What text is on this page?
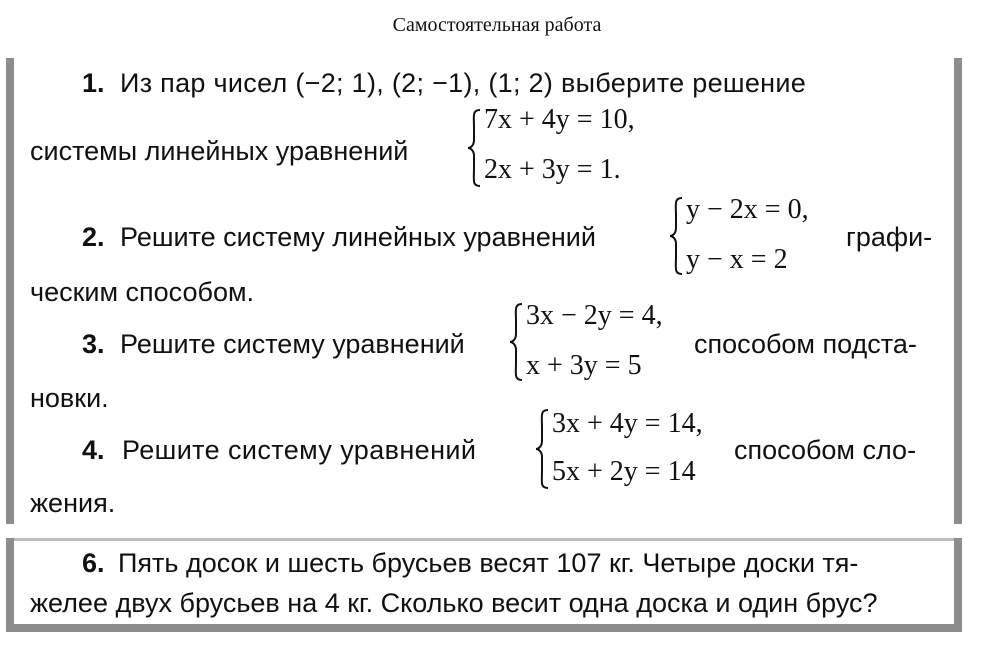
Самостоятельная работа
1. Из пар чисел (−2; 1), (2; −1), (1; 2) выберите решение
системы линейных уравнений
7x + 4y = 10,
2x + 3y = 1.
2. Решите систему линейных уравнений
y − 2x = 0,
y − x = 2
графи-
ческим способом.
3. Решите систему уравнений
3x − 2y = 4,
x + 3y = 5
способом подста-
новки.
4. Решите систему уравнений
3x + 4y = 14,
5x + 2y = 14
способом сло-
жения.
6. Пять досок и шесть брусьев весят 107 кг. Четыре доски тя-
желее двух брусьев на 4 кг. Сколько весит одна доска и один брус?
